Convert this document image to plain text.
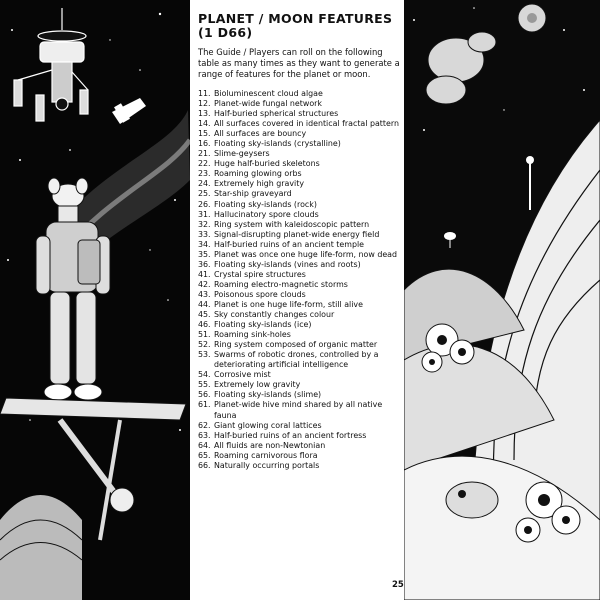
PLANET / MOON FEATURES (1 D66)

The Guide / Players can roll on the following table as many times as they want to generate a range of features for the planet or moon.

11. Bioluminescent cloud algae
12. Planet-wide fungal network
13. Half-buried spherical structures
14. All surfaces covered in identical fractal pattern
15. All surfaces are bouncy
16. Floating sky-islands (crystalline)
21. Slime-geysers
22. Huge half-buried skeletons
23. Roaming glowing orbs
24. Extremely high gravity
25. Star-ship graveyard
26. Floating sky-islands (rock)
31. Hallucinatory spore clouds
32. Ring system with kaleidoscopic pattern
33. Signal-disrupting planet-wide energy field
34. Half-buried ruins of an ancient temple
35. Planet was once one huge life-form, now dead
36. Floating sky-islands (vines and roots)
41. Crystal spire structures
42. Roaming electro-magnetic storms
43. Poisonous spore clouds
44. Planet is one huge life-form, still alive
45. Sky constantly changes colour
46. Floating sky-islands (ice)
51. Roaming sink-holes
52. Ring system composed of organic matter
53. Swarms of robotic drones, controlled by a deteriorating artificial intelligence
54. Corrosive mist
55. Extremely low gravity
56. Floating sky-islands (slime)
61. Planet-wide hive mind shared by all native fauna
62. Giant glowing coral lattices
63. Half-buried ruins of an ancient fortress
64. All fluids are non-Newtonian
65. Roaming carnivorous flora
66. Naturally occurring portals
25
